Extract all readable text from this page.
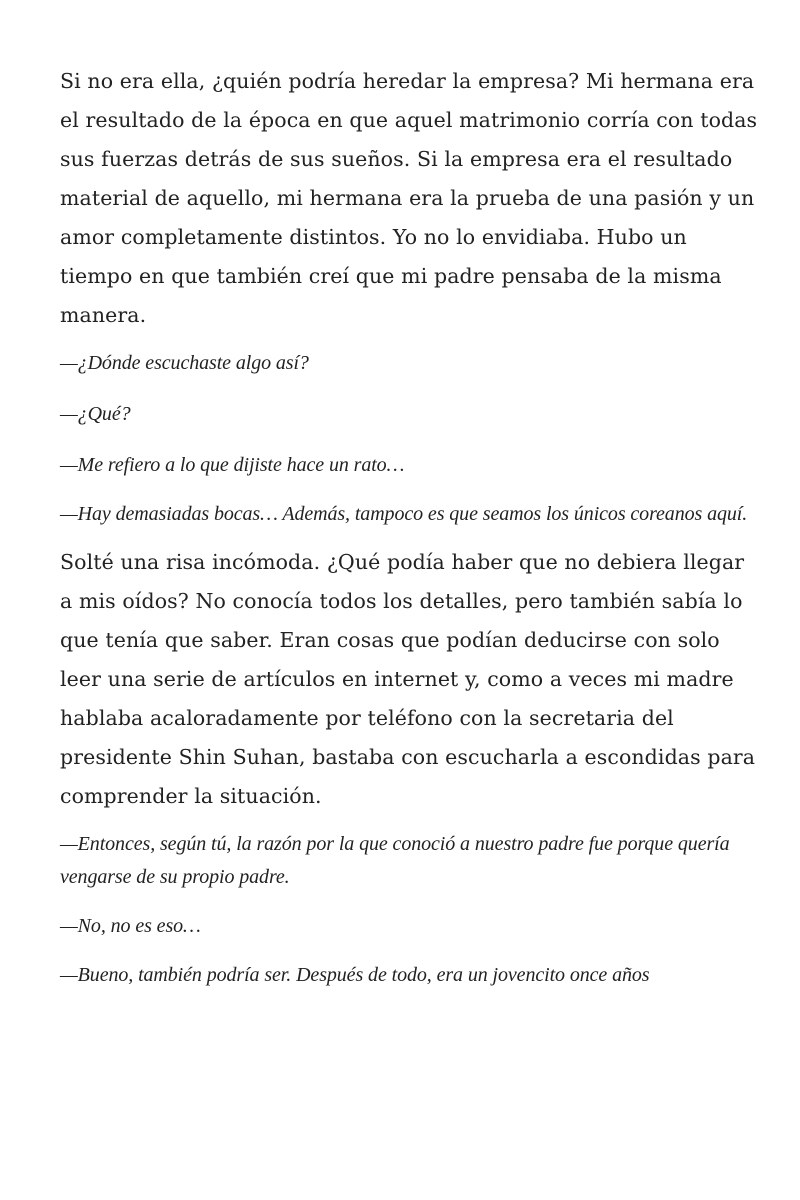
Si no era ella, ¿quién podría heredar la empresa? Mi hermana era el resultado de la época en que aquel matrimonio corría con todas sus fuerzas detrás de sus sueños. Si la empresa era el resultado material de aquello, mi hermana era la prueba de una pasión y un amor completamente distintos. Yo no lo envidiaba. Hubo un tiempo en que también creí que mi padre pensaba de la misma manera.

—¿Dónde escuchaste algo así?

—¿Qué?

—Me refiero a lo que dijiste hace un rato…

—Hay demasiadas bocas… Además, tampoco es que seamos los únicos coreanos aquí.

Solté una risa incómoda. ¿Qué podía haber que no debiera llegar a mis oídos? No conocía todos los detalles, pero también sabía lo que tenía que saber. Eran cosas que podían deducirse con solo leer una serie de artículos en internet y, como a veces mi madre hablaba acaloradamente por teléfono con la secretaria del presidente Shin Suhan, bastaba con escucharla a escondidas para comprender la situación.

—Entonces, según tú, la razón por la que conoció a nuestro padre fue porque quería vengarse de su propio padre.

—No, no es eso…

—Bueno, también podría ser. Después de todo, era un jovencito once años
